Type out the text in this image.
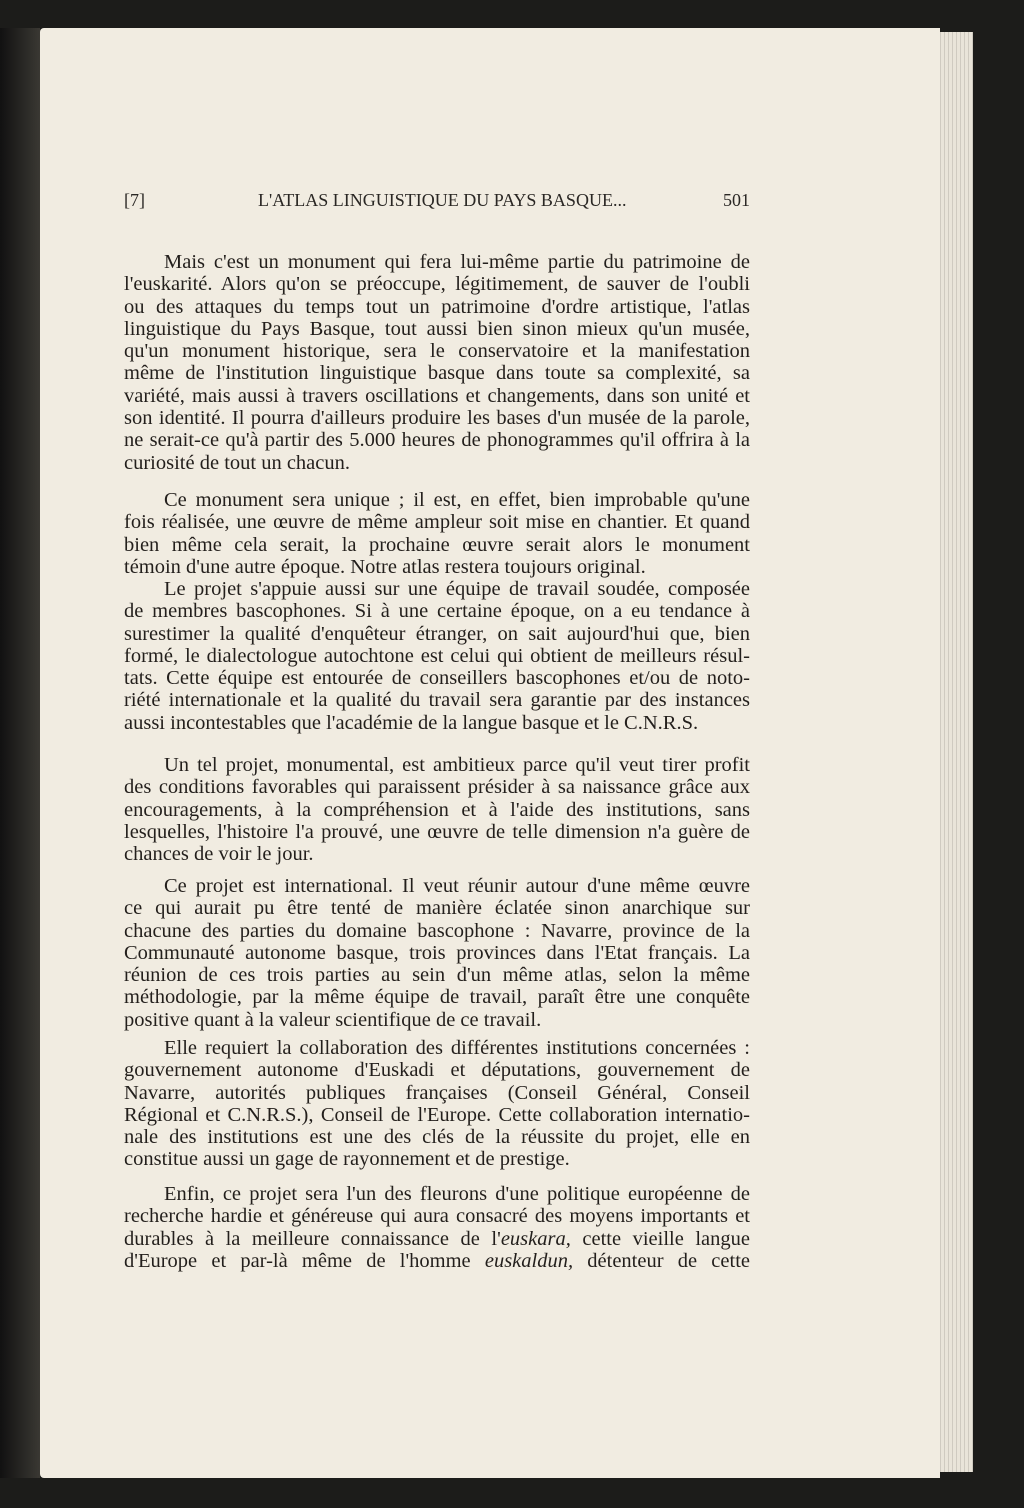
[7]	L'ATLAS LINGUISTIQUE DU PAYS BASQUE...	501
Mais c'est un monument qui fera lui-même partie du patrimoine de
l'euskarité. Alors qu'on se préoccupe, légitimement, de sauver de l'oubli
ou des attaques du temps tout un patrimoine d'ordre artistique, l'atlas
linguistique du Pays Basque, tout aussi bien sinon mieux qu'un musée,
qu'un monument historique, sera le conservatoire et la manifestation
même de l'institution linguistique basque dans toute sa complexité, sa
variété, mais aussi à travers oscillations et changements, dans son unité et
son identité. Il pourra d'ailleurs produire les bases d'un musée de la parole,
ne serait-ce qu'à partir des 5.000 heures de phonogrammes qu'il offrira à la
curiosité de tout un chacun.
Ce monument sera unique ; il est, en effet, bien improbable qu'une
fois réalisée, une œuvre de même ampleur soit mise en chantier. Et quand
bien même cela serait, la prochaine œuvre serait alors le monument
témoin d'une autre époque. Notre atlas restera toujours original.
Le projet s'appuie aussi sur une équipe de travail soudée, composée
de membres bascophones. Si à une certaine époque, on a eu tendance à
surestimer la qualité d'enquêteur étranger, on sait aujourd'hui que, bien
formé, le dialectologue autochtone est celui qui obtient de meilleurs résul-
tats. Cette équipe est entourée de conseillers bascophones et/ou de noto-
riété internationale et la qualité du travail sera garantie par des instances
aussi incontestables que l'académie de la langue basque et le C.N.R.S.
Un tel projet, monumental, est ambitieux parce qu'il veut tirer profit
des conditions favorables qui paraissent présider à sa naissance grâce aux
encouragements, à la compréhension et à l'aide des institutions, sans
lesquelles, l'histoire l'a prouvé, une œuvre de telle dimension n'a guère de
chances de voir le jour.
Ce projet est international. Il veut réunir autour d'une même œuvre
ce qui aurait pu être tenté de manière éclatée sinon anarchique sur
chacune des parties du domaine bascophone : Navarre, province de la
Communauté autonome basque, trois provinces dans l'Etat français. La
réunion de ces trois parties au sein d'un même atlas, selon la même
méthodologie, par la même équipe de travail, paraît être une conquête
positive quant à la valeur scientifique de ce travail.
Elle requiert la collaboration des différentes institutions concernées :
gouvernement autonome d'Euskadi et députations, gouvernement de
Navarre, autorités publiques françaises (Conseil Général, Conseil
Régional et C.N.R.S.), Conseil de l'Europe. Cette collaboration internatio-
nale des institutions est une des clés de la réussite du projet, elle en
constitue aussi un gage de rayonnement et de prestige.
Enfin, ce projet sera l'un des fleurons d'une politique européenne de
recherche hardie et généreuse qui aura consacré des moyens importants et
durables à la meilleure connaissance de l'euskara, cette vieille langue
d'Europe et par-là même de l'homme euskaldun, détenteur de cette
